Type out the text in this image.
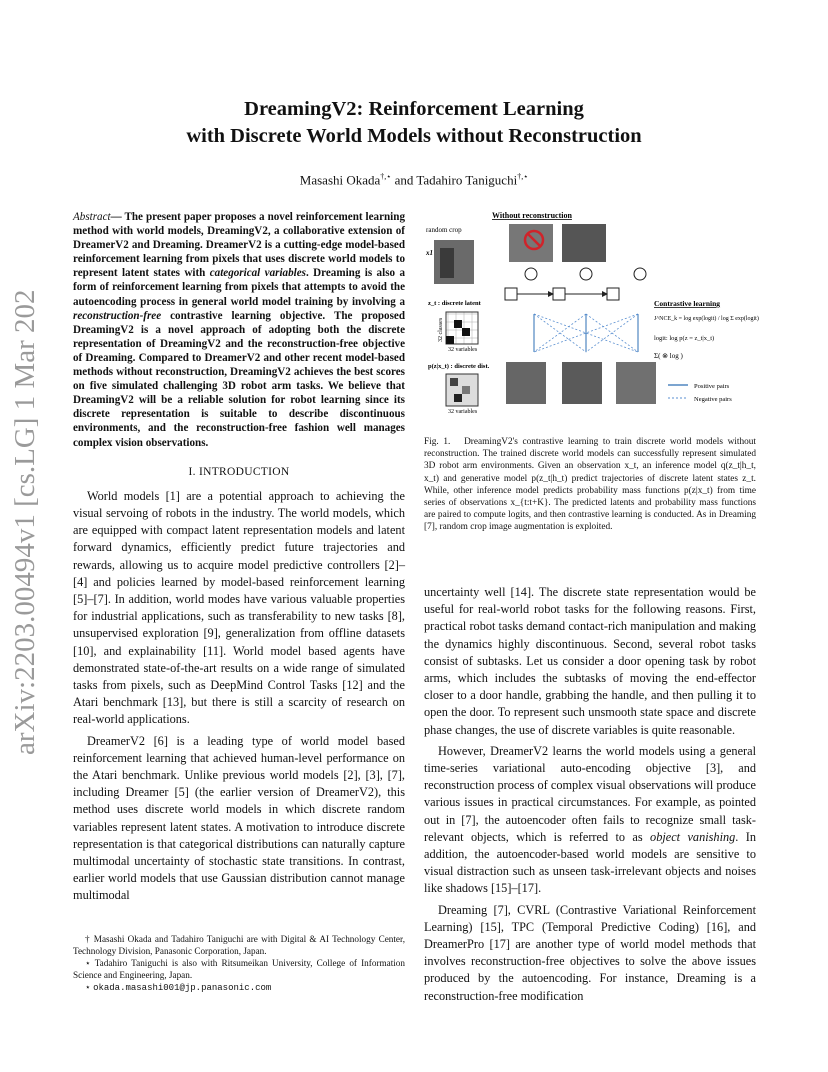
arXiv:2203.00494v1 [cs.LG] 1 Mar 2022
DreamingV2: Reinforcement Learning
with Discrete World Models without Reconstruction
Masashi Okada†,⋆ and Tadahiro Taniguchi†,⋆

Abstract— The present paper proposes a novel reinforcement learning method with world models, DreamingV2, a collaborative extension of DreamerV2 and Dreaming. DreamerV2 is a cutting-edge model-based reinforcement learning from pixels that uses discrete world models to represent latent states with categorical variables. Dreaming is also a form of reinforcement learning from pixels that attempts to avoid the autoencoding process in general world model training by involving a reconstruction-free contrastive learning objective. The proposed DreamingV2 is a novel approach of adopting both the discrete representation of DreamingV2 and the reconstruction-free objective of Dreaming. Compared to DreamerV2 and other recent model-based methods without reconstruction, DreamingV2 achieves the best scores on five simulated challenging 3D robot arm tasks. We believe that DreamingV2 will be a reliable solution for robot learning since its discrete representation is suitable to describe discontinuous environments, and the reconstruction-free fashion well manages complex vision observations.

I. INTRODUCTION

World models [1] are a potential approach to achieving the visual servoing of robots in the industry. The world models, which are equipped with compact latent representation models and latent forward dynamics, efficiently predict future trajectories and rewards, allowing us to acquire model predictive controllers [2]–[4] and policies learned by model-based reinforcement learning [5]–[7]. In addition, world modes have various valuable properties for industrial applications, such as transferability to new tasks [8], unsupervised exploration [9], generalization from offline datasets [10], and explainability [11]. World model based agents have demonstrated state-of-the-art results on a wide range of simulated tasks from pixels, such as DeepMind Control Tasks [12] and the Atari benchmark [13], but there is still a scarcity of research on real-world applications.

DreamerV2 [6] is a leading type of world model based reinforcement learning that achieved human-level performance on the Atari benchmark. Unlike previous world models [2], [3], [7], including Dreamer [5] (the earlier version of DreamerV2), this method uses discrete world models in which discrete random variables represent latent states. A motivation to introduce discrete representation is that categorical distributions can naturally capture multimodal uncertainty of stochastic state transitions. In contrast, earlier world models that use Gaussian distribution cannot manage multimodal

† Masashi Okada and Tadahiro Taniguchi are with Digital & AI Technology Center, Technology Division, Panasonic Corporation, Japan.

⋆ Tadahiro Taniguchi is also with Ritsumeikan University, College of Information Science and Engineering, Japan.

⋆ okada.masashi001@jp.panasonic.com

Without reconstruction
random crop
x1
z_t : discrete latent
32 variables
32 classes
p(z|x_t) : discrete dist.
32 variables
Contrastive learning
J^NCE_k = log exp(logit) / log Σ exp(logit)
logit: log p(z = z_t|x_t)
Σ( ⊗ log )
Positive pairs
Negative pairs
Fig. 1. DreamingV2's contrastive learning to train discrete world models without reconstruction. The trained discrete world models can successfully represent simulated 3D robot arm environments. Given an observation x_t, an inference model q(z_t|h_t, x_t) and generative model p(z_t|h_t) predict trajectories of discrete latent states z_t. While, other inference model predicts probability mass functions p(z|x_t) from time series of observations x_{t:t+K}. The predicted latents and probability mass functions are paired to compute logits, and then contrastive learning is conducted. As in Dreaming [7], random crop image augmentation is exploited.

uncertainty well [14]. The discrete state representation would be useful for real-world robot tasks for the following reasons. First, practical robot tasks demand contact-rich manipulation and making the dynamics highly discontinuous. Second, several robot tasks consist of subtasks. Let us consider a door opening task by robot arms, which includes the subtasks of moving the end-effector closer to a door handle, grabbing the handle, and then pulling it to open the door. To represent such unsmooth state space and discrete phase changes, the use of discrete variables is quite reasonable.

However, DreamerV2 learns the world models using a general time-series variational auto-encoding objective [3], and reconstruction process of complex visual observations will produce various issues in practical circumstances. For example, as pointed out in [7], the autoencoder often fails to recognize small task-relevant objects, which is referred to as object vanishing. In addition, the autoencoder-based world models are sensitive to visual distraction such as unseen task-irrelevant objects and noises like shadows [15]–[17].

Dreaming [7], CVRL (Contrastive Variational Reinforcement Learning) [15], TPC (Temporal Predictive Coding) [16], and DreamerPro [17] are another type of world model methods that involves reconstruction-free objectives to solve the above issues produced by the autoencoding. For instance, Dreaming is a reconstruction-free modification
